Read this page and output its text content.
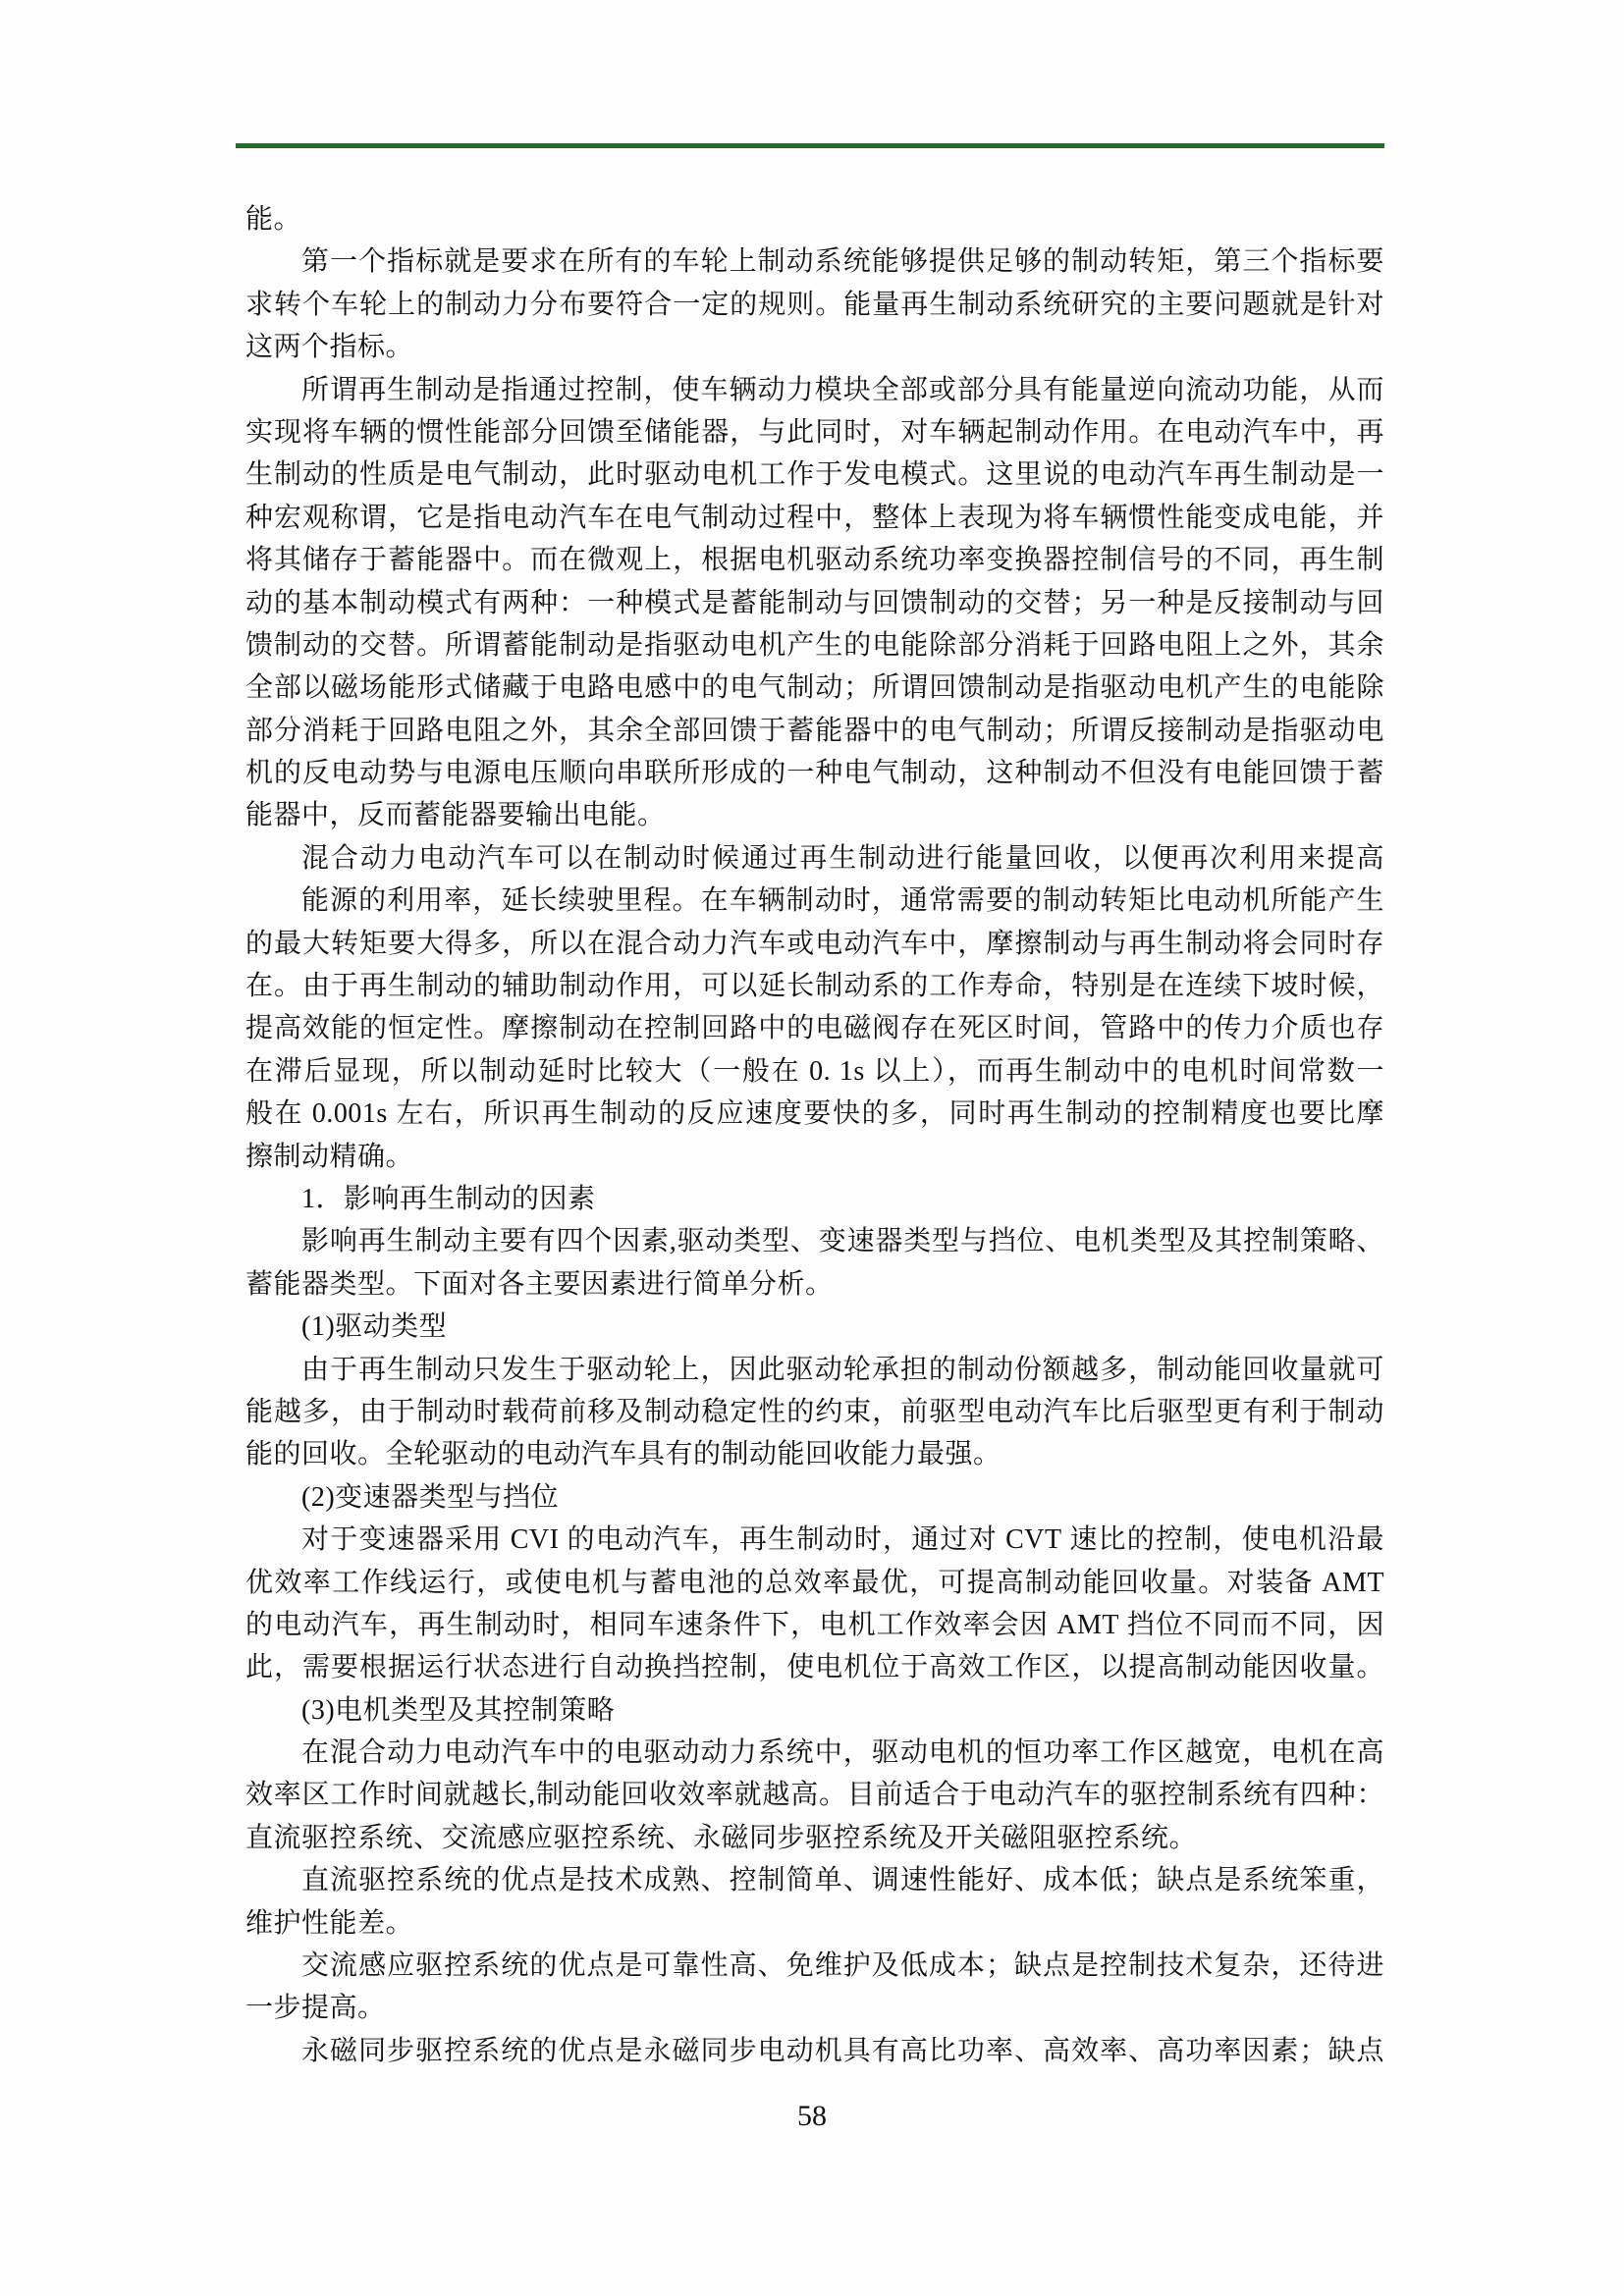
能。
第一个指标就是要求在所有的车轮上制动系统能够提供足够的制动转矩，第三个指标要
求转个车轮上的制动力分布要符合一定的规则。能量再生制动系统研究的主要问题就是针对
这两个指标。
所谓再生制动是指通过控制，使车辆动力模块全部或部分具有能量逆向流动功能，从而
实现将车辆的惯性能部分回馈至储能器，与此同时，对车辆起制动作用。在电动汽车中，再
生制动的性质是电气制动，此时驱动电机工作于发电模式。这里说的电动汽车再生制动是一
种宏观称谓，它是指电动汽车在电气制动过程中，整体上表现为将车辆惯性能变成电能，并
将其储存于蓄能器中。而在微观上，根据电机驱动系统功率变换器控制信号的不同，再生制
动的基本制动模式有两种：一种模式是蓄能制动与回馈制动的交替；另一种是反接制动与回
馈制动的交替。所谓蓄能制动是指驱动电机产生的电能除部分消耗于回路电阻上之外，其余
全部以磁场能形式储藏于电路电感中的电气制动；所谓回馈制动是指驱动电机产生的电能除
部分消耗于回路电阻之外，其余全部回馈于蓄能器中的电气制动；所谓反接制动是指驱动电
机的反电动势与电源电压顺向串联所形成的一种电气制动，这种制动不但没有电能回馈于蓄
能器中，反而蓄能器要输出电能。
混合动力电动汽车可以在制动时候通过再生制动进行能量回收，以便再次利用来提高
能源的利用率，延长续驶里程。在车辆制动时，通常需要的制动转矩比电动机所能产生
的最大转矩要大得多，所以在混合动力汽车或电动汽车中，摩擦制动与再生制动将会同时存
在。由于再生制动的辅助制动作用，可以延长制动系的工作寿命，特别是在连续下坡时候，
提高效能的恒定性。摩擦制动在控制回路中的电磁阀存在死区时间，管路中的传力介质也存
在滞后显现，所以制动延时比较大（一般在 0. 1s 以上），而再生制动中的电机时间常数一
般在 0.001s 左右，所识再生制动的反应速度要快的多，同时再生制动的控制精度也要比摩
擦制动精确。
1．影响再生制动的因素
影响再生制动主要有四个因素,驱动类型、变速器类型与挡位、电机类型及其控制策略、
蓄能器类型。下面对各主要因素进行简单分析。
(1)驱动类型
由于再生制动只发生于驱动轮上，因此驱动轮承担的制动份额越多，制动能回收量就可
能越多，由于制动时载荷前移及制动稳定性的约束，前驱型电动汽车比后驱型更有利于制动
能的回收。全轮驱动的电动汽车具有的制动能回收能力最强。
(2)变速器类型与挡位
对于变速器采用 CVI 的电动汽车，再生制动时，通过对 CVT 速比的控制，使电机沿最
优效率工作线运行，或使电机与蓄电池的总效率最优，可提高制动能回收量。对装备 AMT
的电动汽车，再生制动时，相同车速条件下，电机工作效率会因 AMT 挡位不同而不同，因
此，需要根据运行状态进行自动换挡控制，使电机位于高效工作区，以提高制动能因收量。
(3)电机类型及其控制策略
在混合动力电动汽车中的电驱动动力系统中，驱动电机的恒功率工作区越宽，电机在高
效率区工作时间就越长,制动能回收效率就越高。目前适合于电动汽车的驱控制系统有四种：
直流驱控系统、交流感应驱控系统、永磁同步驱控系统及开关磁阻驱控系统。
直流驱控系统的优点是技术成熟、控制简单、调速性能好、成本低；缺点是系统笨重，
维护性能差。
交流感应驱控系统的优点是可靠性高、免维护及低成本；缺点是控制技术复杂，还待进
一步提高。
永磁同步驱控系统的优点是永磁同步电动机具有高比功率、高效率、高功率因素；缺点
58
